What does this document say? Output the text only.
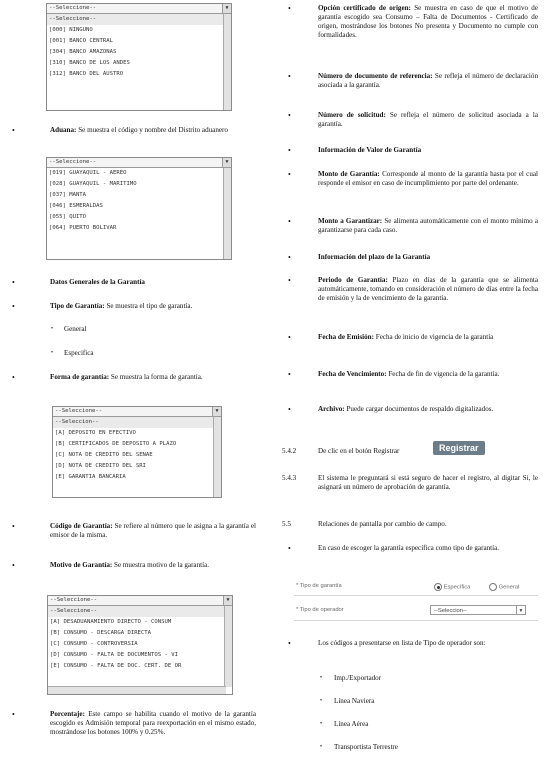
--Seleccione--	▼
--Seleccione--
[000] NINGUNO
[001] BANCO CENTRAL
[304] BANCO AMAZONAS
[310] BANCO DE LOS ANDES
[312] BANCO DEL AUSTRO
•	Aduana: Se muestra el código y nombre del Distrito aduanero
--Seleccione--	▼
[019] GUAYAQUIL - AEREO
[028] GUAYAQUIL - MARITIMO
[037] MANTA
[046] ESMERALDAS
[055] QUITO
[064] PUERTO BOLIVAR
•	Datos Generales de la Garantía
•	Tipo de Garantía: Se muestra el tipo de garantía.
• General
• Especifica
•	Forma de garantía: Se muestra la forma de garantía.
--Seleccione--	▼
--Seleccion--
[A] DEPOSITO EN EFECTIVO
[B] CERTIFICADOS DE DEPOSITO A PLAZO
[C] NOTA DE CREDITO DEL SENAE
[D] NOTA DE CREDITO DEL SRI
[E] GARANTIA BANCARIA
•	Código de Garantía: Se refiere al número que le asigna a la garantía el emisor de la misma.
•	Motivo de Garantía: Se muestra motivo de la garantía.
--Seleccione--	▼
--Seleccione--
[A] DESADUANAMIENTO DIRECTO - CONSUM
[B] CONSUMO - DESCARGA DIRECTA
[C] CONSUMO - CONTROVERSIA
[D] CONSUMO - FALTA DE DOCUMENTOS - VI
[E] CONSUMO - FALTA DE DOC. CERT. DE OR
•	Porcentaje: Este campo se habilita cuando el motivo de la garantía escogido es Admisión temporal para reexportación en el mismo estado, mostrándose los botones 100% y 0.25%.
•	Opción certificado de origen: Se muestra en caso de que el motivo de garantía escogido sea Consumo – Falta de Documentos - Certificado de origen, mostrándose los botones No presenta y Documento no cumple con formalidades.
•	Número de documento de referencia: Se refleja el número de declaración asociada a la garantía.
•	Número de solicitud: Se refleja el número de solicitud asociada a la garantía.
•	Información de Valor de Garantía
•	Monto de Garantía: Corresponde al monto de la garantía hasta por el cual responde el emisor en caso de incumplimiento por parte del ordenante.
•	Monto a Garantizar: Se alimenta automáticamente con el monto mínimo a garantizarse para cada caso.
•	Información del plazo de la Garantía
•	Periodo de Garantía: Plazo en días de la garantía que se alimenta automáticamente, tomando en consideración el número de días entre la fecha de emisión y la de vencimiento de la garantía.
•	Fecha de Emisión: Fecha de inicio de vigencia de la garantía
•	Fecha de Vencimiento: Fecha de fin de vigencia de la garantía.
•	Archivo: Puede cargar documentos de respaldo digitalizados.
5.4.2	De clic en el botón Registrar	Registrar
5.4.3	El sistema le preguntará si está seguro de hacer el registro, al digitar Si, le asignará un número de aprobación de garantía.
5.5	Relaciones de pantalla por cambio de campo.
•	En caso de escoger la garantía específica como tipo de garantía.
* Tipo de garantía	Específica	General
* Tipo de operador	--Seleccion--	▼
•	Los códigos a presentarse en lista de Tipo de operador son:
• Imp./Exportador
• Línea Naviera
• Línea Aérea
• Transportista Terrestre
